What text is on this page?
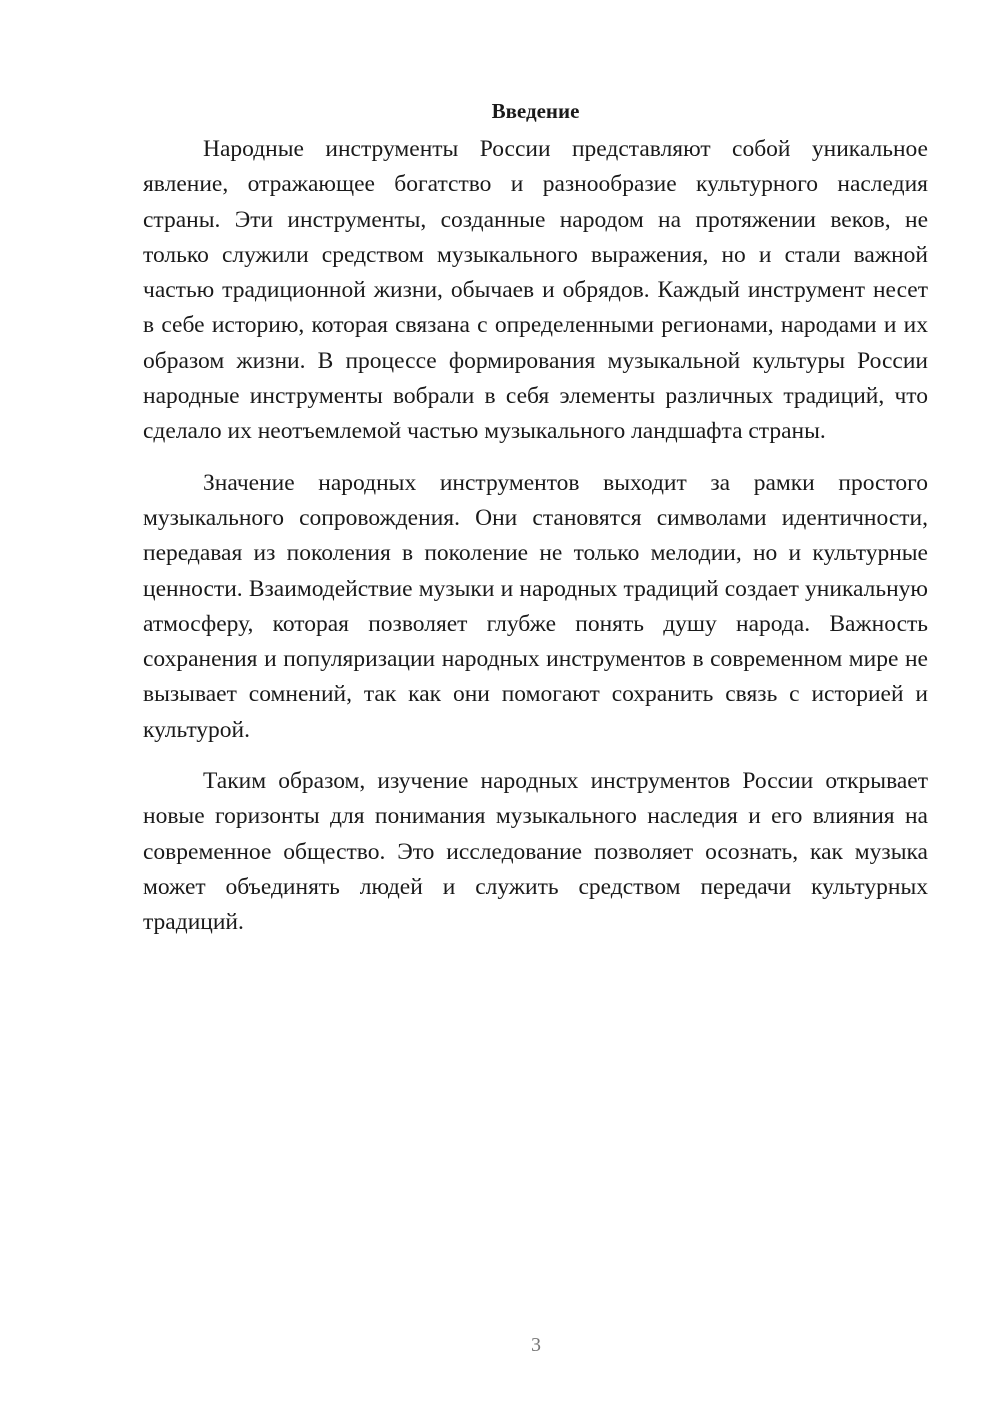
Введение

Народные инструменты России представляют собой уникальное явление, отражающее богатство и разнообразие культурного наследия страны. Эти инструменты, созданные народом на протяжении веков, не только служили средством музыкального выражения, но и стали важной частью традиционной жизни, обычаев и обрядов. Каждый инструмент несет в себе историю, которая связана с определенными регионами, народами и их образом жизни. В процессе формирования музыкальной культуры России народные инструменты вобрали в себя элементы различных традиций, что сделало их неотъемлемой частью музыкального ландшафта страны.

Значение народных инструментов выходит за рамки простого музыкального сопровождения. Они становятся символами идентичности, передавая из поколения в поколение не только мелодии, но и культурные ценности. Взаимодействие музыки и народных традиций создает уникальную атмосферу, которая позволяет глубже понять душу народа. Важность сохранения и популяризации народных инструментов в современном мире не вызывает сомнений, так как они помогают сохранить связь с историей и культурой.

Таким образом, изучение народных инструментов России открывает новые горизонты для понимания музыкального наследия и его влияния на современное общество. Это исследование позволяет осознать, как музыка может объединять людей и служить средством передачи культурных традиций.

3
